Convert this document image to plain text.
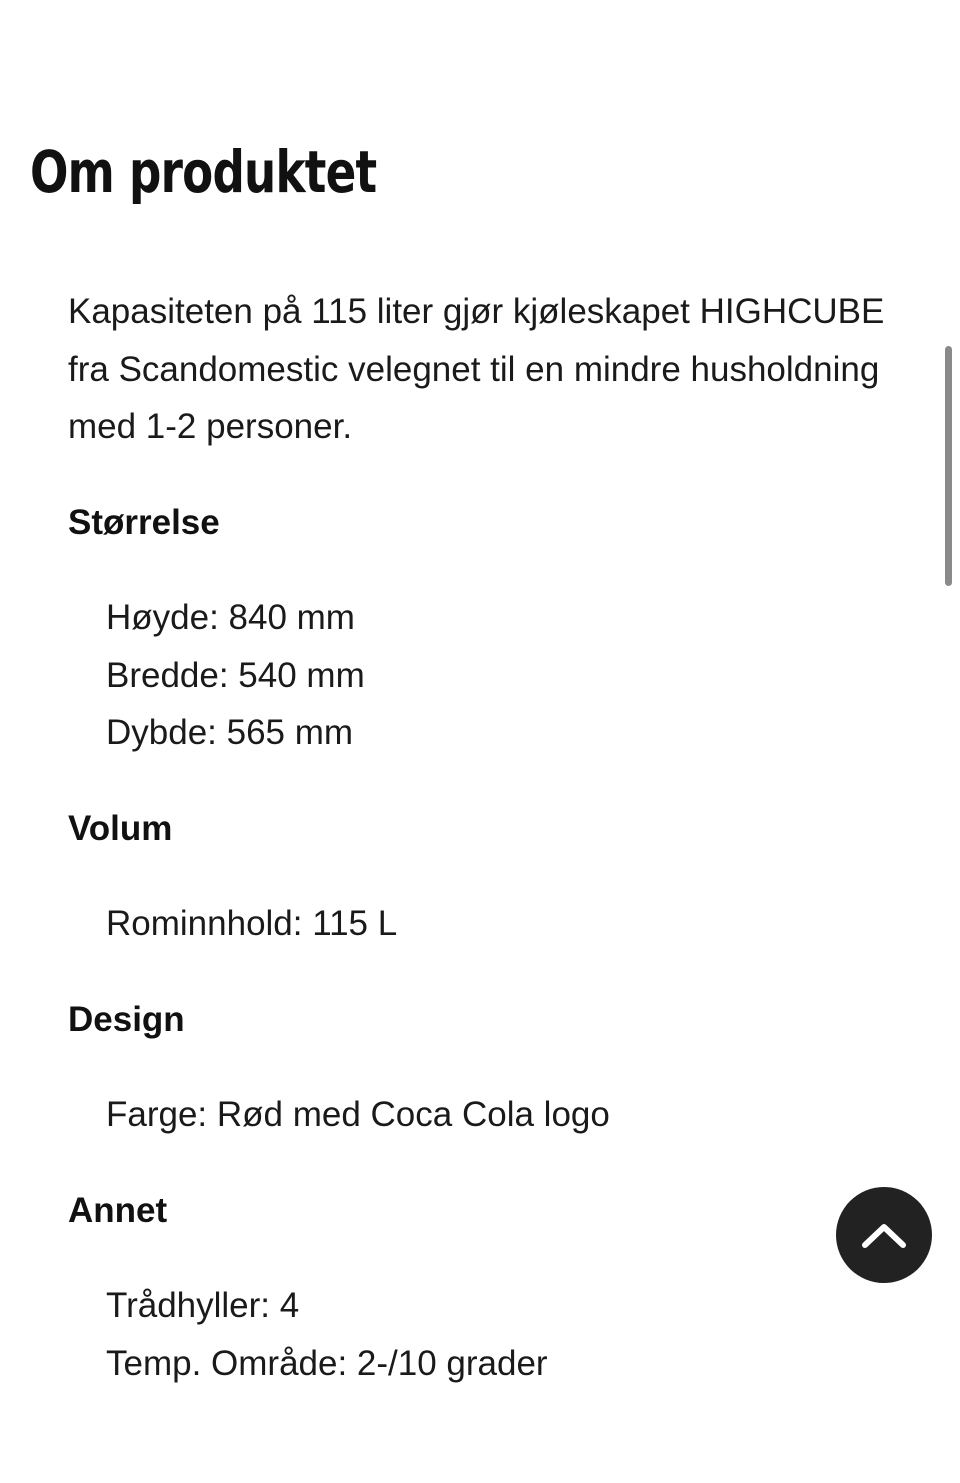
Om produktet

Kapasiteten på 115 liter gjør kjøleskapet HIGHCUBE fra Scandomestic velegnet til en mindre husholdning med 1-2 personer.

Størrelse
Høyde: 840 mm
Bredde: 540 mm
Dybde: 565 mm
Volum
Rominnhold: 115 L
Design
Farge: Rød med Coca Cola logo
Annet
Trådhyller: 4
Temp. Område: 2-/10 grader
